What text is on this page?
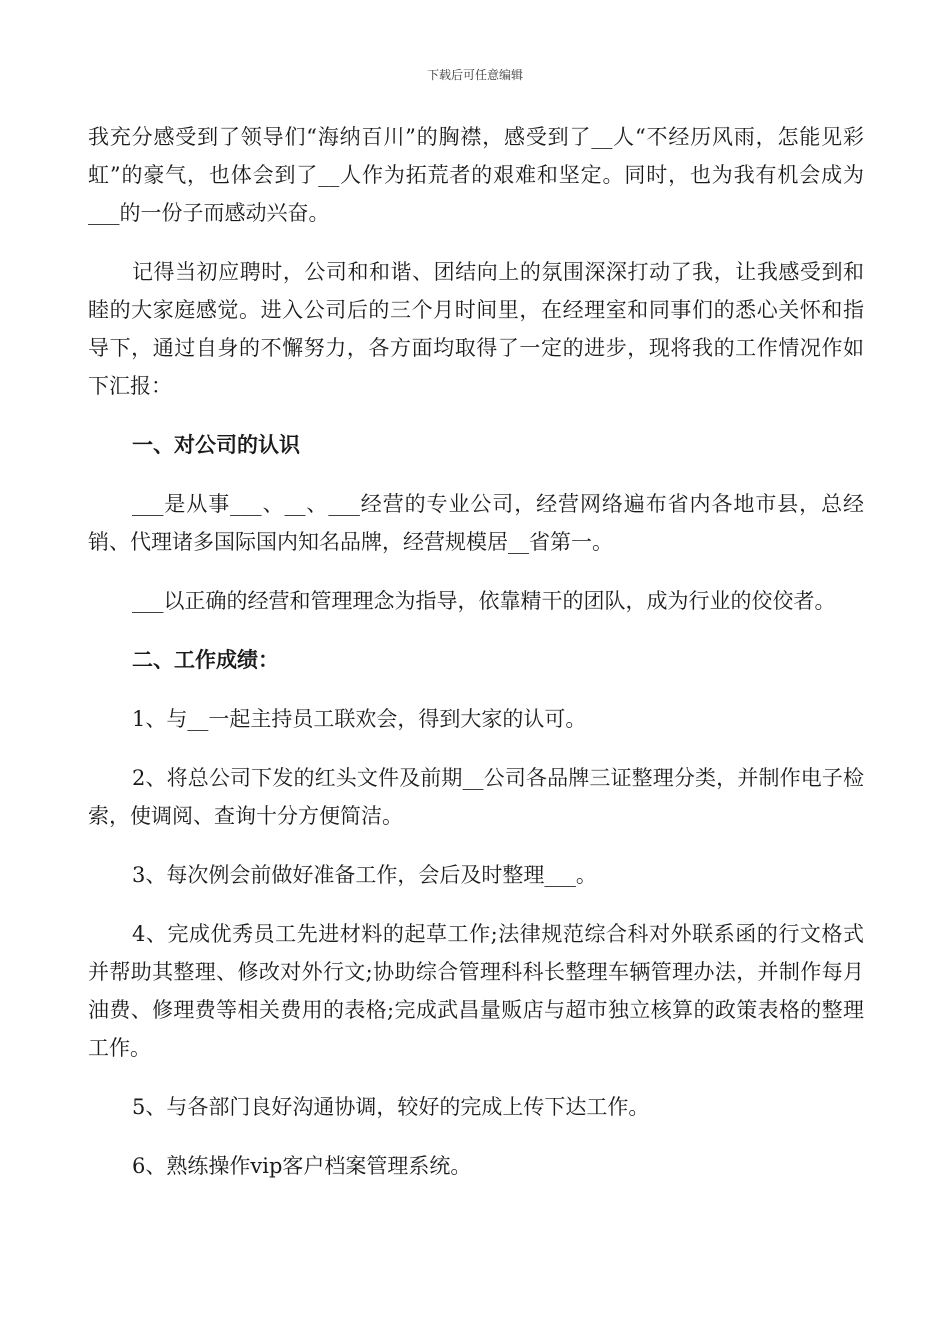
下载后可任意编辑

我充分感受到了领导们“海纳百川”的胸襟，感受到了__人“不经历风雨，怎能见彩虹”的豪气，也体会到了__人作为拓荒者的艰难和坚定。同时，也为我有机会成为___的一份子而感动兴奋。

记得当初应聘时，公司和和谐、团结向上的氛围深深打动了我，让我感受到和睦的大家庭感觉。进入公司后的三个月时间里，在经理室和同事们的悉心关怀和指导下，通过自身的不懈努力，各方面均取得了一定的进步，现将我的工作情况作如下汇报：

一、对公司的认识

___是从事___、__、___经营的专业公司，经营网络遍布省内各地市县，总经销、代理诸多国际国内知名品牌，经营规模居__省第一。

___以正确的经营和管理理念为指导，依靠精干的团队，成为行业的佼佼者。

二、工作成绩：

1、与__一起主持员工联欢会，得到大家的认可。

2、将总公司下发的红头文件及前期__公司各品牌三证整理分类，并制作电子检索，使调阅、查询十分方便简洁。

3、每次例会前做好准备工作，会后及时整理___。

4、完成优秀员工先进材料的起草工作;法律规范综合科对外联系函的行文格式并帮助其整理、修改对外行文;协助综合管理科科长整理车辆管理办法，并制作每月油费、修理费等相关费用的表格;完成武昌量贩店与超市独立核算的政策表格的整理工作。

5、与各部门良好沟通协调，较好的完成上传下达工作。

6、熟练操作vip客户档案管理系统。
